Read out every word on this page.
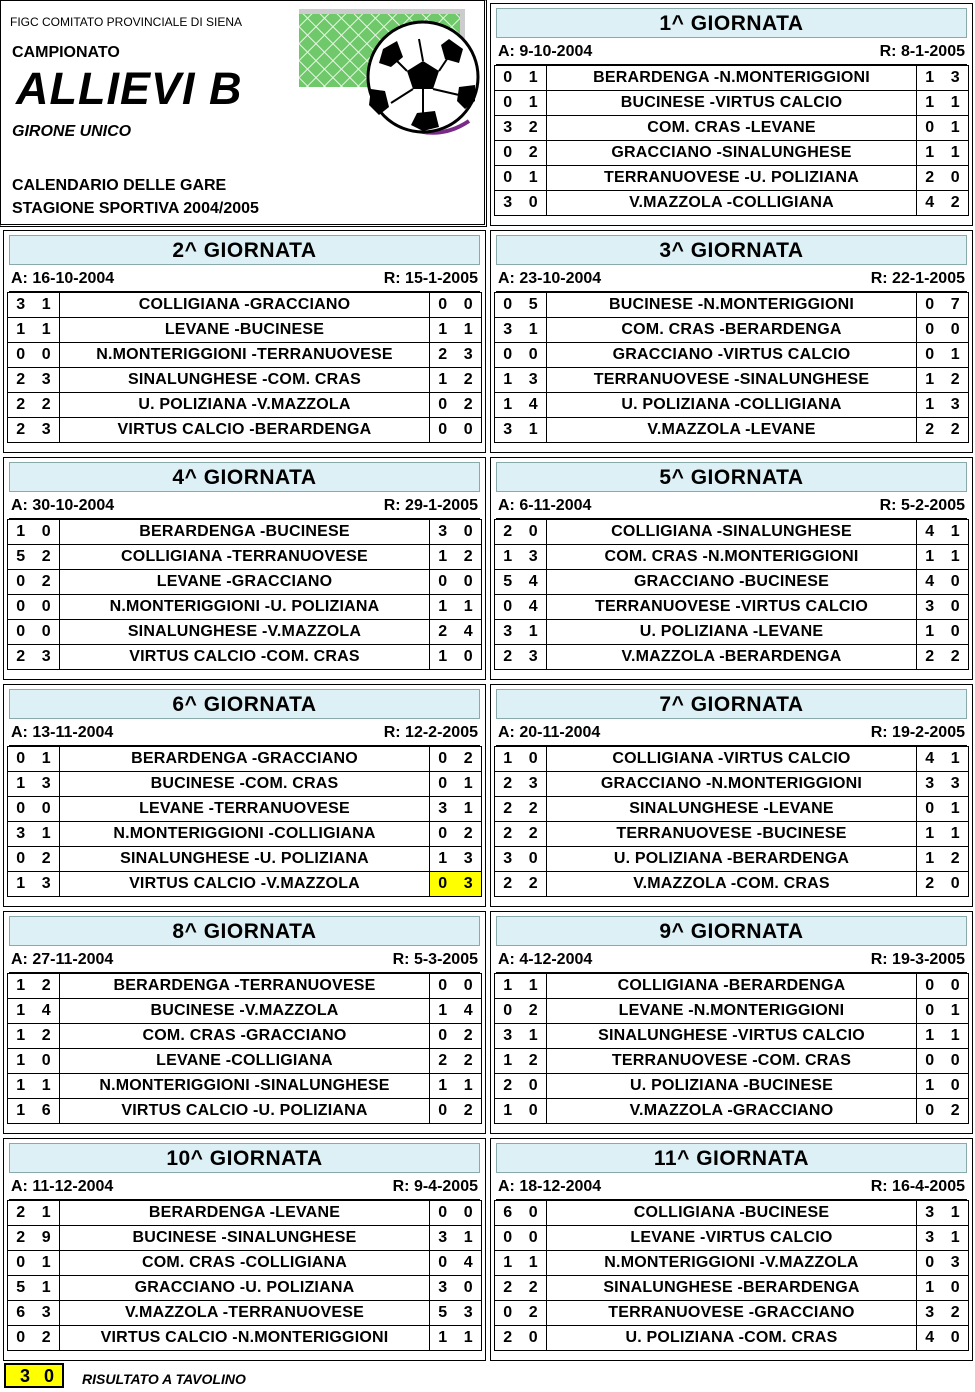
FIGC COMITATO PROVINCIALE DI SIENA
CAMPIONATO
ALLIEVI B
GIRONE UNICO
CALENDARIO DELLE GARE
STAGIONE SPORTIVA 2004/2005
1^ GIORNATA
A: 9-10-2004	R: 8-1-2005
0	1	BERARDENGA -N.MONTERIGGIONI	1	3
0	1	BUCINESE -VIRTUS CALCIO	1	1
3	2	COM. CRAS -LEVANE	0	1
0	2	GRACCIANO -SINALUNGHESE	1	1
0	1	TERRANUOVESE -U. POLIZIANA	2	0
3	0	V.MAZZOLA -COLLIGIANA	4	2
2^ GIORNATA
A: 16-10-2004	R: 15-1-2005
3	1	COLLIGIANA -GRACCIANO	0	0
1	1	LEVANE -BUCINESE	1	1
0	0	N.MONTERIGGIONI -TERRANUOVESE	2	3
2	3	SINALUNGHESE -COM. CRAS	1	2
2	2	U. POLIZIANA -V.MAZZOLA	0	2
2	3	VIRTUS CALCIO -BERARDENGA	0	0
3^ GIORNATA
A: 23-10-2004	R: 22-1-2005
0	5	BUCINESE -N.MONTERIGGIONI	0	7
3	1	COM. CRAS -BERARDENGA	0	0
0	0	GRACCIANO -VIRTUS CALCIO	0	1
1	3	TERRANUOVESE -SINALUNGHESE	1	2
1	4	U. POLIZIANA -COLLIGIANA	1	3
3	1	V.MAZZOLA -LEVANE	2	2
4^ GIORNATA
A: 30-10-2004	R: 29-1-2005
1	0	BERARDENGA -BUCINESE	3	0
5	2	COLLIGIANA -TERRANUOVESE	1	2
0	2	LEVANE -GRACCIANO	0	0
0	0	N.MONTERIGGIONI -U. POLIZIANA	1	1
0	0	SINALUNGHESE -V.MAZZOLA	2	4
2	3	VIRTUS CALCIO -COM. CRAS	1	0
5^ GIORNATA
A: 6-11-2004	R: 5-2-2005
2	0	COLLIGIANA -SINALUNGHESE	4	1
1	3	COM. CRAS -N.MONTERIGGIONI	1	1
5	4	GRACCIANO -BUCINESE	4	0
0	4	TERRANUOVESE -VIRTUS CALCIO	3	0
3	1	U. POLIZIANA -LEVANE	1	0
2	3	V.MAZZOLA -BERARDENGA	2	2
6^ GIORNATA
A: 13-11-2004	R: 12-2-2005
0	1	BERARDENGA -GRACCIANO	0	2
1	3	BUCINESE -COM. CRAS	0	1
0	0	LEVANE -TERRANUOVESE	3	1
3	1	N.MONTERIGGIONI -COLLIGIANA	0	2
0	2	SINALUNGHESE -U. POLIZIANA	1	3
1	3	VIRTUS CALCIO -V.MAZZOLA	0	3
7^ GIORNATA
A: 20-11-2004	R: 19-2-2005
1	0	COLLIGIANA -VIRTUS CALCIO	4	1
2	3	GRACCIANO -N.MONTERIGGIONI	3	3
2	2	SINALUNGHESE -LEVANE	0	1
2	2	TERRANUOVESE -BUCINESE	1	1
3	0	U. POLIZIANA -BERARDENGA	1	2
2	2	V.MAZZOLA -COM. CRAS	2	0
8^ GIORNATA
A: 27-11-2004	R: 5-3-2005
1	2	BERARDENGA -TERRANUOVESE	0	0
1	4	BUCINESE -V.MAZZOLA	1	4
1	2	COM. CRAS -GRACCIANO	0	2
1	0	LEVANE -COLLIGIANA	2	2
1	1	N.MONTERIGGIONI -SINALUNGHESE	1	1
1	6	VIRTUS CALCIO -U. POLIZIANA	0	2
9^ GIORNATA
A: 4-12-2004	R: 19-3-2005
1	1	COLLIGIANA -BERARDENGA	0	0
0	2	LEVANE -N.MONTERIGGIONI	0	1
3	1	SINALUNGHESE -VIRTUS CALCIO	1	1
1	2	TERRANUOVESE -COM. CRAS	0	0
2	0	U. POLIZIANA -BUCINESE	1	0
1	0	V.MAZZOLA -GRACCIANO	0	2
10^ GIORNATA
A: 11-12-2004	R: 9-4-2005
2	1	BERARDENGA -LEVANE	0	0
2	9	BUCINESE -SINALUNGHESE	3	1
0	1	COM. CRAS -COLLIGIANA	0	4
5	1	GRACCIANO -U. POLIZIANA	3	0
6	3	V.MAZZOLA -TERRANUOVESE	5	3
0	2	VIRTUS CALCIO -N.MONTERIGGIONI	1	1
11^ GIORNATA
A: 18-12-2004	R: 16-4-2005
6	0	COLLIGIANA -BUCINESE	3	1
0	0	LEVANE -VIRTUS CALCIO	3	1
1	1	N.MONTERIGGIONI -V.MAZZOLA	0	3
2	2	SINALUNGHESE -BERARDENGA	1	0
0	2	TERRANUOVESE -GRACCIANO	3	2
2	0	U. POLIZIANA -COM. CRAS	4	0
3 0 RISULTATO A TAVOLINO
